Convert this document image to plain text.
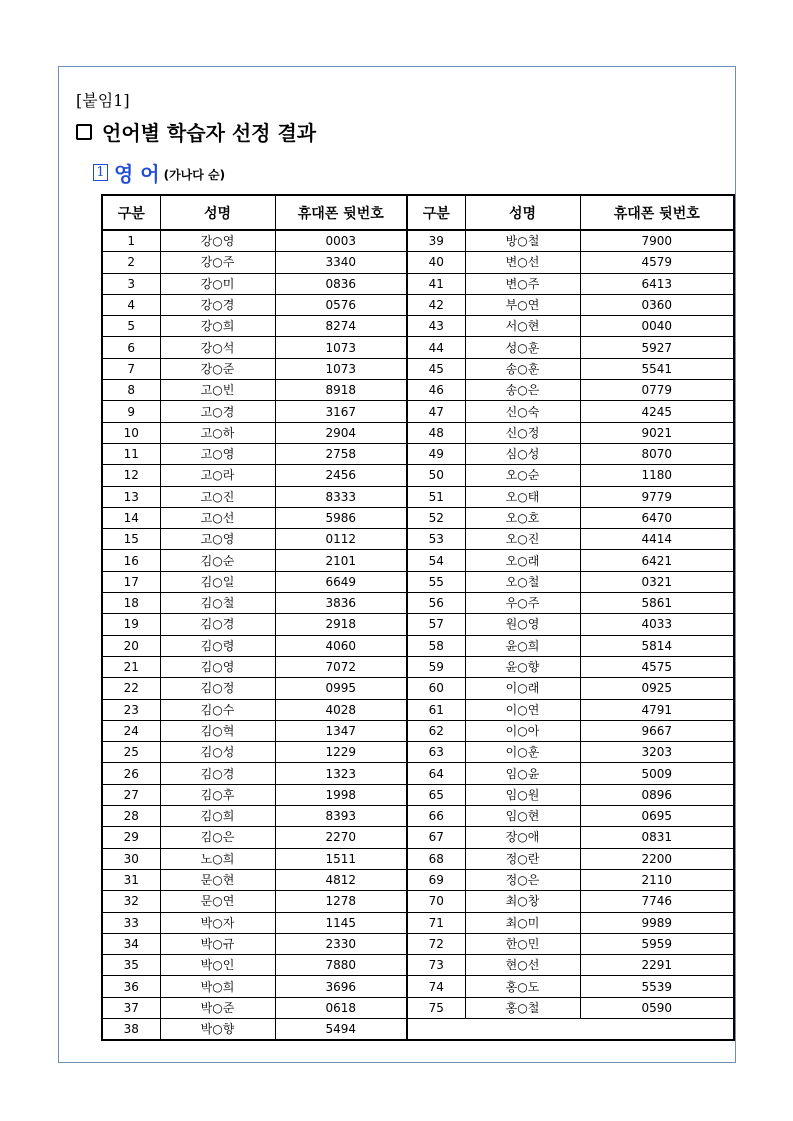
[붙임1]
언어별 학습자 선정 결과
1 영 어 (가나다 순)
구분	성명	휴대폰 뒷번호	구분	성명	휴대폰 뒷번호
1	강○영	0003	39	방○철	7900
2	강○주	3340	40	변○선	4579
3	강○미	0836	41	변○주	6413
4	강○경	0576	42	부○연	0360
5	강○희	8274	43	서○현	0040
6	강○석	1073	44	성○훈	5927
7	강○준	1073	45	송○훈	5541
8	고○빈	8918	46	송○은	0779
9	고○경	3167	47	신○숙	4245
10	고○하	2904	48	신○정	9021
11	고○영	2758	49	심○성	8070
12	고○라	2456	50	오○순	1180
13	고○진	8333	51	오○태	9779
14	고○선	5986	52	오○호	6470
15	고○영	0112	53	오○진	4414
16	김○순	2101	54	오○래	6421
17	김○일	6649	55	오○철	0321
18	김○철	3836	56	우○주	5861
19	김○경	2918	57	원○영	4033
20	김○령	4060	58	윤○희	5814
21	김○영	7072	59	윤○향	4575
22	김○정	0995	60	이○래	0925
23	김○수	4028	61	이○연	4791
24	김○혁	1347	62	이○아	9667
25	김○성	1229	63	이○훈	3203
26	김○경	1323	64	임○윤	5009
27	김○후	1998	65	임○원	0896
28	김○희	8393	66	임○현	0695
29	김○은	2270	67	장○애	0831
30	노○희	1511	68	정○란	2200
31	문○현	4812	69	정○은	2110
32	문○연	1278	70	최○창	7746
33	박○자	1145	71	최○미	9989
34	박○규	2330	72	한○민	5959
35	박○인	7880	73	현○선	2291
36	박○희	3696	74	홍○도	5539
37	박○준	0618	75	홍○철	0590
38	박○향	5494			
